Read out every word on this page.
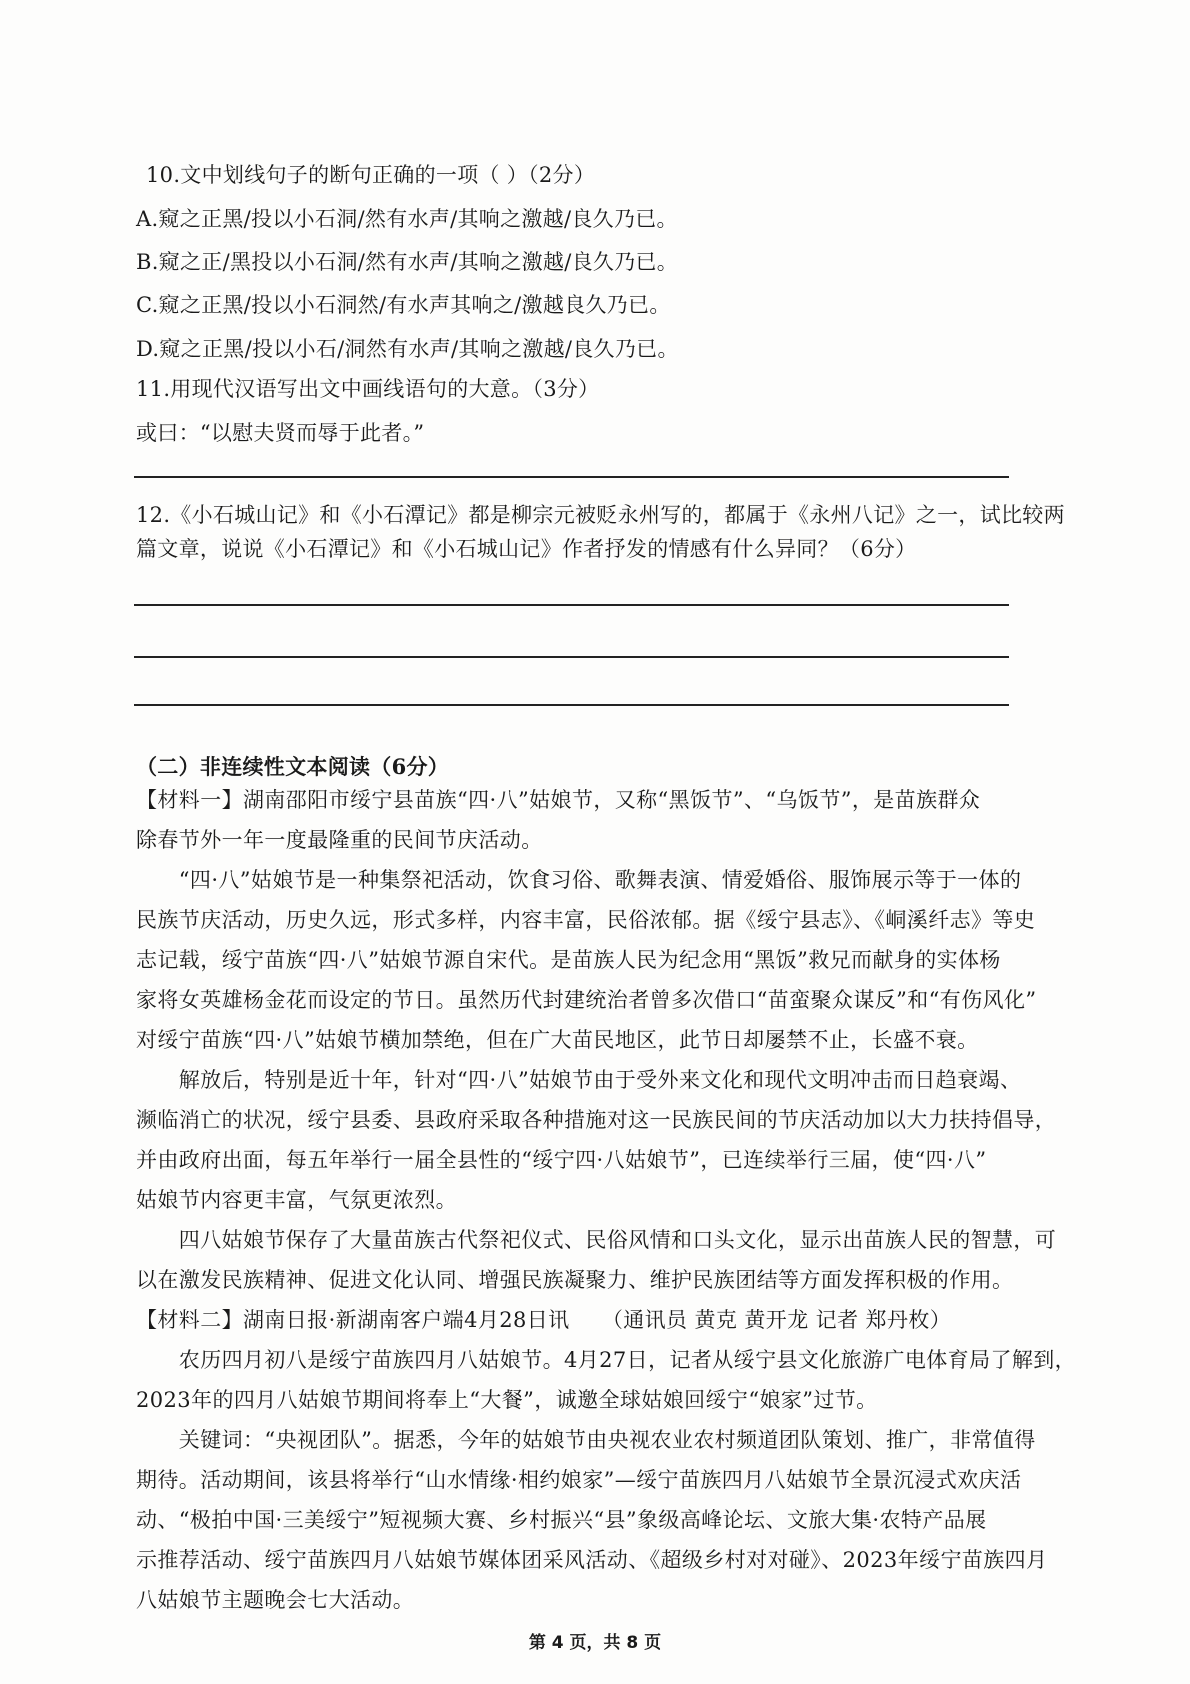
10.文中划线句子的断句正确的一项（ ）（2分）
A.窥之正黑/投以小石洞/然有水声/其响之激越/良久乃已。
B.窥之正/黑投以小石洞/然有水声/其响之激越/良久乃已。
C.窥之正黑/投以小石洞然/有水声其响之/激越良久乃已。
D.窥之正黑/投以小石/洞然有水声/其响之激越/良久乃已。
11.用现代汉语写出文中画线语句的大意。（3分）
或曰：“以慰夫贤而辱于此者。”
12.《小石城山记》和《小石潭记》都是柳宗元被贬永州写的，都属于《永州八记》之一，试比较两
篇文章，说说《小石潭记》和《小石城山记》作者抒发的情感有什么异同？（6分）
（二）非连续性文本阅读（6分）
【材料一】湖南邵阳市绥宁县苗族“四·八”姑娘节，又称“黑饭节”、“乌饭节”，是苗族群众
除春节外一年一度最隆重的民间节庆活动。
　　“四·八”姑娘节是一种集祭祀活动，饮食习俗、歌舞表演、情爱婚俗、服饰展示等于一体的
民族节庆活动，历史久远，形式多样，内容丰富，民俗浓郁。据《绥宁县志》、《峒溪纤志》等史
志记载，绥宁苗族“四·八”姑娘节源自宋代。是苗族人民为纪念用“黑饭”救兄而献身的实体杨
家将女英雄杨金花而设定的节日。虽然历代封建统治者曾多次借口“苗蛮聚众谋反”和“有伤风化”
对绥宁苗族“四·八”姑娘节横加禁绝，但在广大苗民地区，此节日却屡禁不止，长盛不衰。
　　解放后，特别是近十年，针对“四·八”姑娘节由于受外来文化和现代文明冲击而日趋衰竭、
濒临消亡的状况，绥宁县委、县政府采取各种措施对这一民族民间的节庆活动加以大力扶持倡导，
并由政府出面，每五年举行一届全县性的“绥宁四·八姑娘节”，已连续举行三届，使“四·八”
姑娘节内容更丰富，气氛更浓烈。
　　四八姑娘节保存了大量苗族古代祭祀仪式、民俗风情和口头文化，显示出苗族人民的智慧，可
以在激发民族精神、促进文化认同、增强民族凝聚力、维护民族团结等方面发挥积极的作用。
【材料二】湖南日报·新湖南客户端4月28日讯　　（通讯员 黄克 黄开龙 记者 郑丹枚）
　　农历四月初八是绥宁苗族四月八姑娘节。4月27日，记者从绥宁县文化旅游广电体育局了解到，
2023年的四月八姑娘节期间将奉上“大餐”，诚邀全球姑娘回绥宁“娘家”过节。
　　关键词：“央视团队”。据悉，今年的姑娘节由央视农业农村频道团队策划、推广，非常值得
期待。活动期间，该县将举行“山水情缘·相约娘家”—绥宁苗族四月八姑娘节全景沉浸式欢庆活
动、“极拍中国·三美绥宁”短视频大赛、乡村振兴“县”象级高峰论坛、文旅大集·农特产品展
示推荐活动、绥宁苗族四月八姑娘节媒体团采风活动、《超级乡村对对碰》、2023年绥宁苗族四月
八姑娘节主题晚会七大活动。
第 4 页，共 8 页
